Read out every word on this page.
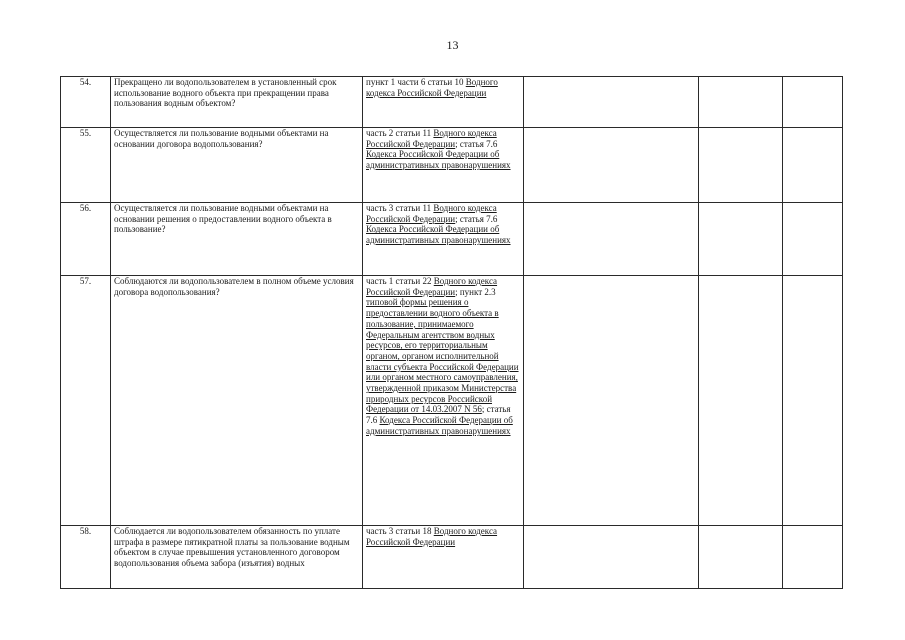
13
54.	Прекращено ли водопользователем в установленный срок использование водного объекта при прекращении права пользования водным объектом?	пункт 1 части 6 статьи 10 Водного кодекса Российской Федерации			
55.	Осуществляется ли пользование водными объектами на основании договора водопользования?	часть 2 статьи 11 Водного кодекса Российской Федерации; статья 7.6 Кодекса Российской Федерации об административных правонарушениях			
56.	Осуществляется ли пользование водными объектами на основании решения о предоставлении водного объекта в пользование?	часть 3 статьи 11 Водного кодекса Российской Федерации; статья 7.6 Кодекса Российской Федерации об административных правонарушениях			
57.	Соблюдаются ли водопользователем в полном объеме условия договора водопользования?	часть 1 статьи 22 Водного кодекса Российской Федерации; пункт 2.3 типовой формы решения о предоставлении водного объекта в пользование, принимаемого Федеральным агентством водных ресурсов, его территориальным органом, органом исполнительной власти субъекта Российской Федерации или органом местного самоуправления, утвержденной приказом Министерства природных ресурсов Российской Федерации от 14.03.2007 N 56; статья 7.6 Кодекса Российской Федерации об административных правонарушениях			
58.	Соблюдается ли водопользователем обязанность по уплате штрафа в размере пятикратной платы за пользование водным объектом в случае превышения установленного договором водопользования объема забора (изъятия) водных	часть 3 статьи 18 Водного кодекса Российской Федерации			
